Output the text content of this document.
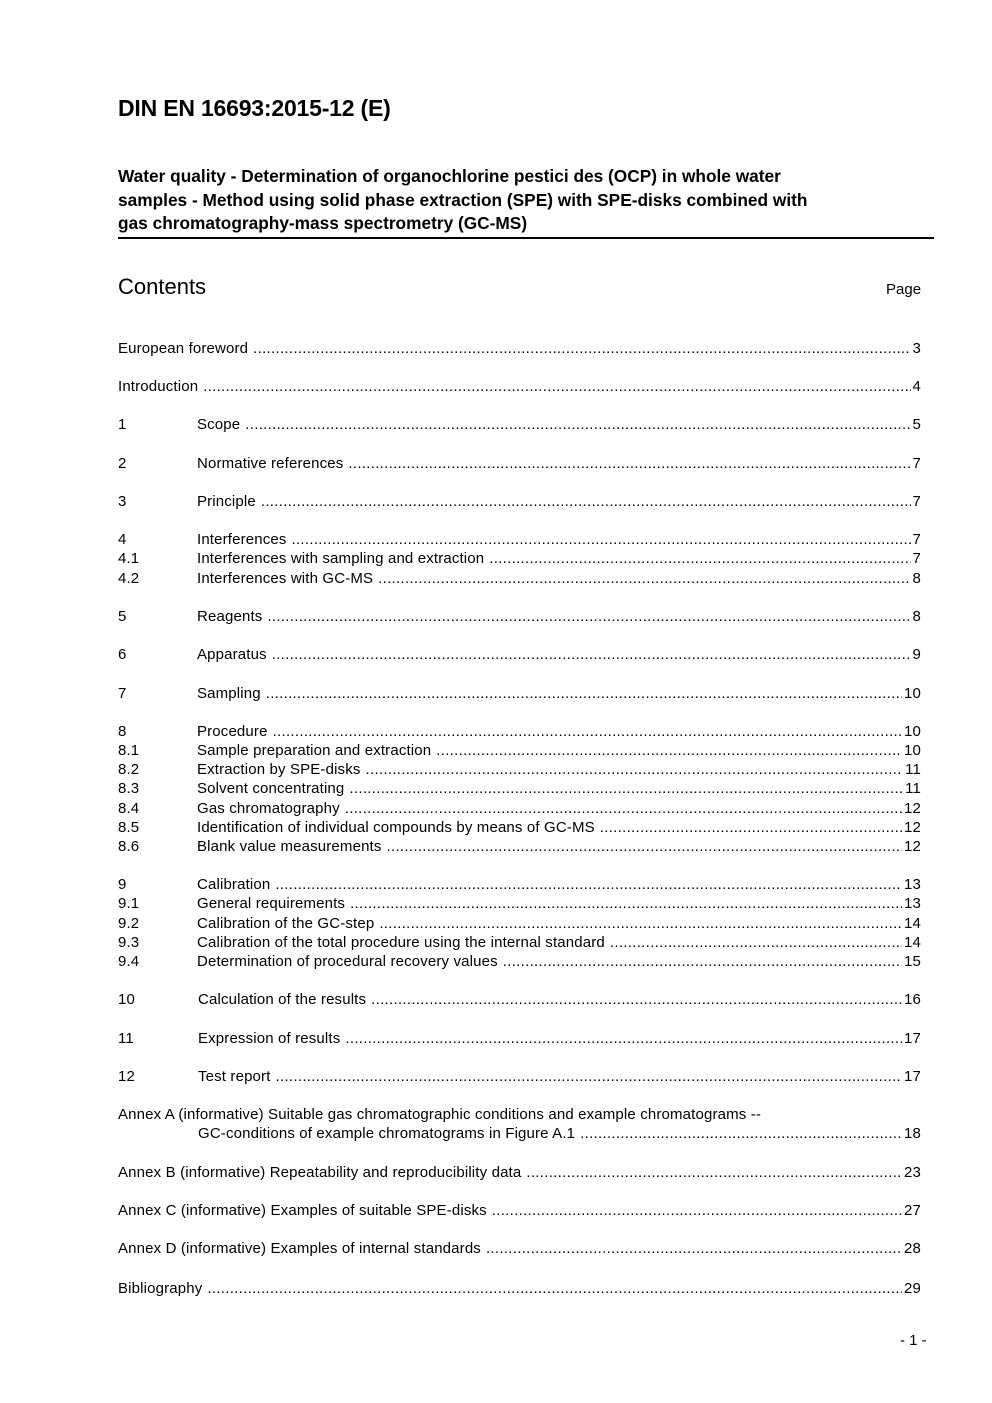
DIN EN 16693:2015-12 (E)
Water quality - Determination of organochlorine pestici des (OCP) in whole water
samples - Method using solid phase extraction (SPE) with SPE-disks combined with
gas chromatography-mass spectrometry (GC-MS)
Contents	Page
European foreword .....	3
Introduction .....	4
1	Scope .....	5
2	Normative references .....	7
3	Principle .....	7
4	Interferences .....	7
4.1	Interferences with sampling and extraction .....	7
4.2	Interferences with GC-MS .....	8
5	Reagents .....	8
6	Apparatus .....	9
7	Sampling .....	10
8	Procedure .....	10
8.1	Sample preparation and extraction .....	10
8.2	Extraction by SPE-disks .....	11
8.3	Solvent concentrating .....	11
8.4	Gas chromatography .....	12
8.5	Identification of individual compounds by means of GC-MS .....	12
8.6	Blank value measurements .....	12
9	Calibration .....	13
9.1	General requirements .....	13
9.2	Calibration of the GC-step .....	14
9.3	Calibration of the total procedure using the internal standard .....	14
9.4	Determination of procedural recovery values .....	15
10	Calculation of the results .....	16
11	Expression of results .....	17
12	Test report .....	17
Annex A (informative) Suitable gas chromatographic conditions and example chromatograms --
GC-conditions of example chromatograms in Figure A.1 .....	18
Annex B (informative) Repeatability and reproducibility data .....	23
Annex C (informative) Examples of suitable SPE-disks .....	27
Annex D (informative) Examples of internal standards .....	28
Bibliography .....	29
- 1 -
